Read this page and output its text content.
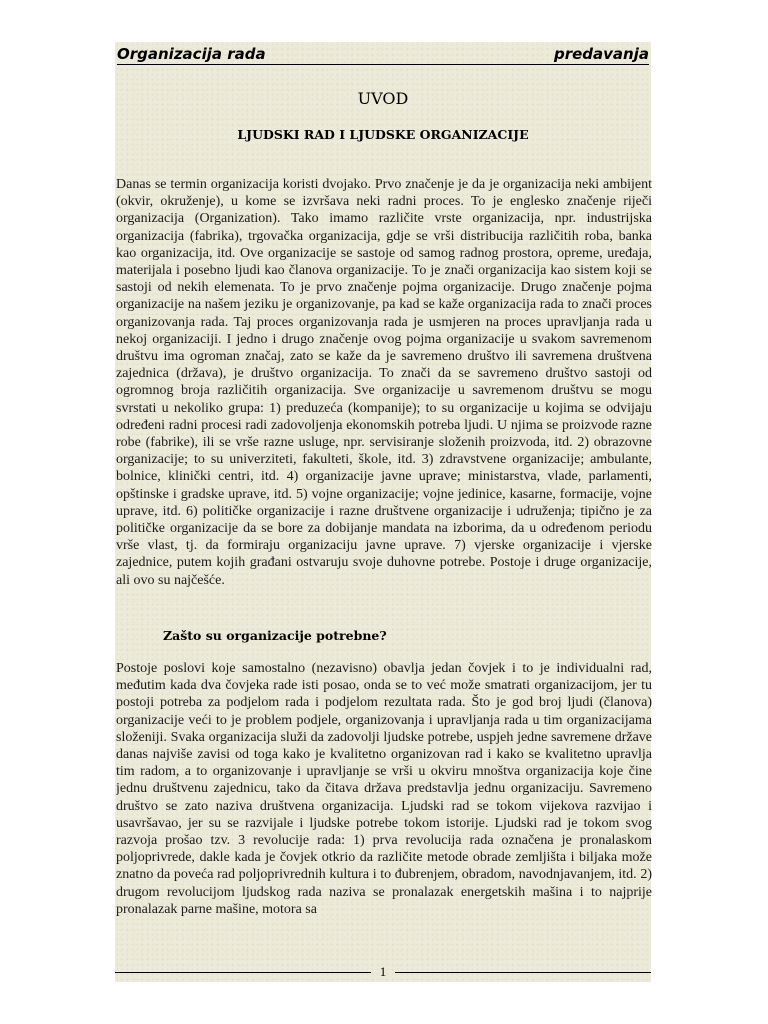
Organizacija rada	predavanja
UVOD
LJUDSKI RAD I LJUDSKE ORGANIZACIJE

Danas se termin organizacija koristi dvojako. Prvo značenje je da je organizacija neki ambijent (okvir, okruženje), u kome se izvršava neki radni proces. To je englesko značenje riječi organizacija (Organization). Tako imamo različite vrste organizacija, npr. industrijska organizacija (fabrika), trgovačka organizacija, gdje se vrši distribucija različitih roba, banka kao organizacija, itd. Ove organizacije se sastoje od samog radnog prostora, opreme, uređaja, materijala i posebno ljudi kao članova organizacije. To je znači organizacija kao sistem koji se sastoji od nekih elemenata. To je prvo značenje pojma organizacije. Drugo značenje pojma organizacije na našem jeziku je organizovanje, pa kad se kaže organizacija rada to znači proces organizovanja rada. Taj proces organizovanja rada je usmjeren na proces upravljanja rada u nekoj organizaciji. I jedno i drugo značenje ovog pojma organizacije u svakom savremenom društvu ima ogroman značaj, zato se kaže da je savremeno društvo ili savremena društvena zajednica (država), je društvo organizacija. To znači da se savremeno društvo sastoji od ogromnog broja različitih organizacija. Sve organizacije u savremenom društvu se mogu svrstati u nekoliko grupa: 1) preduzeća (kompanije); to su organizacije u kojima se odvijaju određeni radni procesi radi zadovoljenja ekonomskih potreba ljudi. U njima se proizvode razne robe (fabrike), ili se vrše razne usluge, npr. servisiranje složenih proizvoda, itd. 2) obrazovne organizacije; to su univerziteti, fakulteti, škole, itd. 3) zdravstvene organizacije; ambulante, bolnice, klinički centri, itd. 4) organizacije javne uprave; ministarstva, vlade, parlamenti, opštinske i gradske uprave, itd. 5) vojne organizacije; vojne jedinice, kasarne, formacije, vojne uprave, itd. 6) političke organizacije i razne društvene organizacije i udruženja; tipično je za političke organizacije da se bore za dobijanje mandata na izborima, da u određenom periodu vrše vlast, tj. da formiraju organizaciju javne uprave. 7) vjerske organizacije i vjerske zajednice, putem kojih građani ostvaruju svoje duhovne potrebe. Postoje i druge organizacije, ali ovo su najčešće.

Zašto su organizacije potrebne?

Postoje poslovi koje samostalno (nezavisno) obavlja jedan čovjek i to je individualni rad, međutim kada dva čovjeka rade isti posao, onda se to već može smatrati organizacijom, jer tu postoji potreba za podjelom rada i podjelom rezultata rada. Što je god broj ljudi (članova) organizacije veći to je problem podjele, organizovanja i upravljanja rada u tim organizacijama složeniji. Svaka organizacija služi da zadovolji ljudske potrebe, uspjeh jedne savremene države danas najviše zavisi od toga kako je kvalitetno organizovan rad i kako se kvalitetno upravlja tim radom, a to organizovanje i upravljanje se vrši u okviru mnoštva organizacija koje čine jednu društvenu zajednicu, tako da čitava država predstavlja jednu organizaciju. Savremeno društvo se zato naziva društvena organizacija. Ljudski rad se tokom vijekova razvijao i usavršavao, jer su se razvijale i ljudske potrebe tokom istorije. Ljudski rad je tokom svog razvoja prošao tzv. 3 revolucije rada: 1) prva revolucija rada označena je pronalaskom poljoprivrede, dakle kada je čovjek otkrio da različite metode obrade zemljišta i biljaka može znatno da poveća rad poljoprivrednih kultura i to đubrenjem, obradom, navodnjavanjem, itd. 2) drugom revolucijom ljudskog rada naziva se pronalazak energetskih mašina i to najprije pronalazak parne mašine, motora sa

1
